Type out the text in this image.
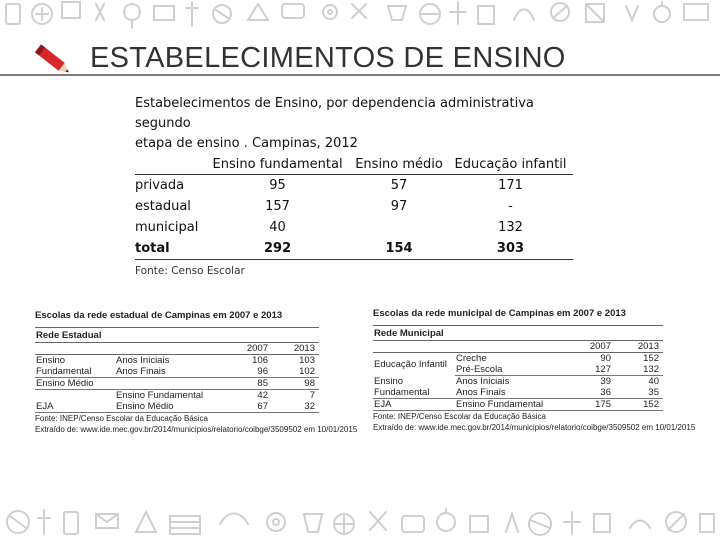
ESTABELECIMENTOS DE ENSINO
Estabelecimentos de Ensino, por dependencia administrativa segundo
etapa de ensino . Campinas, 2012
	Ensino fundamental	Ensino médio	Educação infantil
privada	95	57	171
estadual	157	97	-
municipal	40		132
total	292	154	303
Fonte: Censo Escolar
Escolas da rede estadual de Campinas em 2007 e 2013
Rede Estadual			
		2007	2013
Ensino	Anos Iniciais	106	103
Fundamental	Anos Finais	96	102
Ensino Médio		85	98
	Ensino Fundamental	42	7
EJA	Ensino Médio	67	32
Fonte: INEP/Censo Escolar da Educação Básica
Extraído de: www.ide.mec.gov.br/2014/municipios/relatorio/coibge/3509502 em 10/01/2015
Escolas da rede municipal de Campinas em 2007 e 2013
Rede Municipal			
		2007	2013
Educação Infantil	Creche	90	152
	Pré-Escola	127	132
Ensino	Anos Iniciais	39	40
Fundamental	Anos Finais	36	35
EJA	Ensino Fundamental	175	152
Fonte: INEP/Censo Escolar da Educação Básica
Extraído de: www.ide.mec.gov.br/2014/municipios/relatorio/coibge/3509502 em 10/01/2015
